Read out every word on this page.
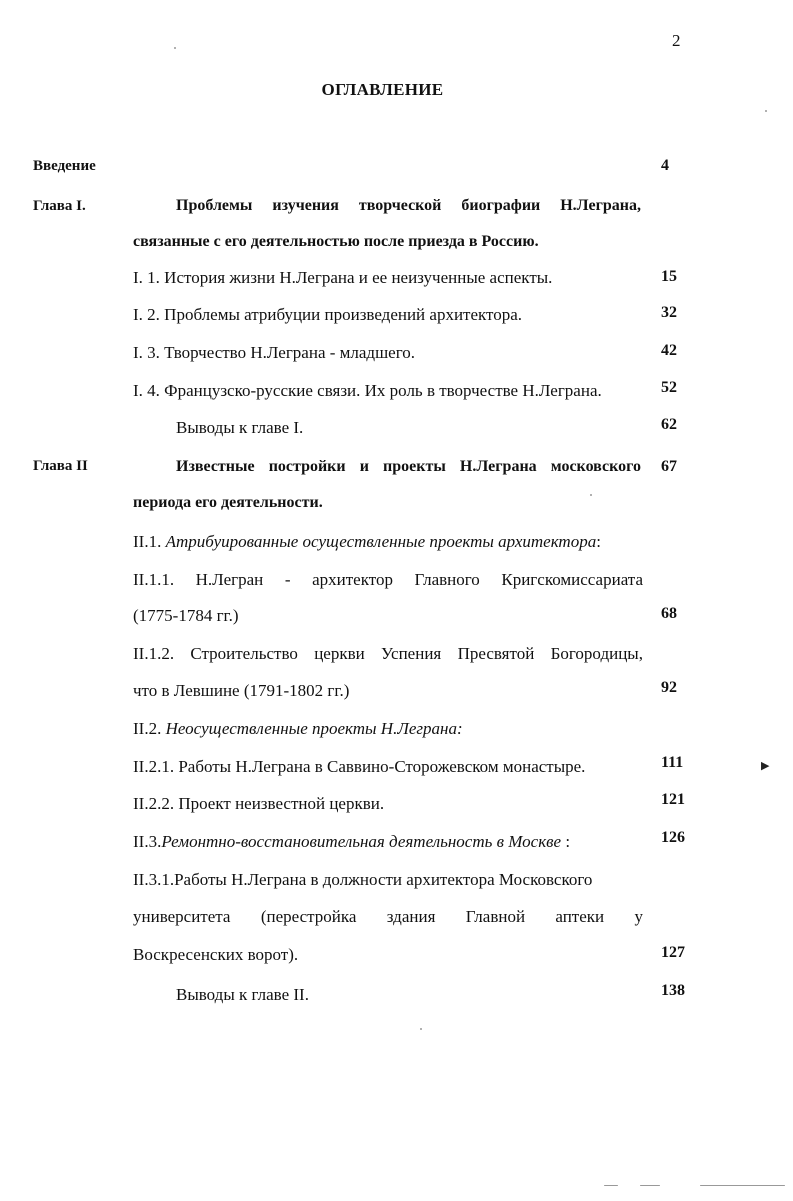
2
ОГЛАВЛЕНИЕ
Введение	4
Глава I.	Проблемы изучения творческой биографии Н.Леграна,
связанные с его деятельностью после приезда в Россию.
I. 1. История жизни Н.Леграна и ее неизученные аспекты.	15
I. 2. Проблемы атрибуции произведений архитектора.	32
I. 3. Творчество Н.Леграна - младшего.	42
I. 4. Французско-русские связи. Их роль в творчестве Н.Леграна.	52
Выводы к главе I.	62
Глава II	Известные постройки и проекты Н.Леграна московского 67
периода его деятельности.
II.1. Атрибуированные осуществленные проекты архитектора:
II.1.1. Н.Легран - архитектор Главного Кригскомиссариата
(1775-1784 гг.)	68
II.1.2. Строительство церкви Успения Пресвятой Богородицы,
что в Левшине (1791-1802 гг.)	92
II.2. Неосуществленные проекты Н.Леграна:
II.2.1. Работы Н.Леграна в Саввино-Сторожевском монастыре.	111
II.2.2. Проект неизвестной церкви.	121
II.3.Ремонтно-восстановительная деятельность в Москве :	126
II.3.1.Работы Н.Леграна в должности архитектора Московского
университета (перестройка здания Главной аптеки у
Воскресенских ворот).	127
Выводы к главе II.	138
▶
